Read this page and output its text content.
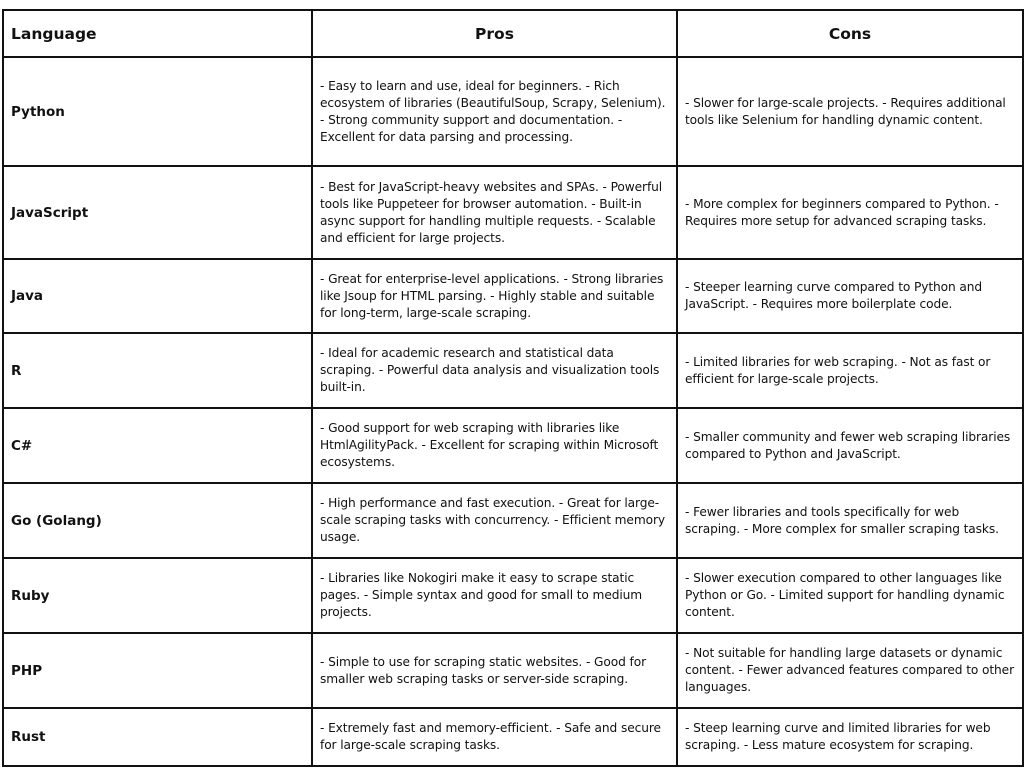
Language	Pros	Cons
Python	- Easy to learn and use, ideal for beginners. - Rich ecosystem of libraries (BeautifulSoup, Scrapy, Selenium). - Strong community support and documentation. - Excellent for data parsing and processing.	- Slower for large-scale projects. - Requires additional tools like Selenium for handling dynamic content.
JavaScript	- Best for JavaScript-heavy websites and SPAs. - Powerful tools like Puppeteer for browser automation. - Built-in async support for handling multiple requests. - Scalable and efficient for large projects.	- More complex for beginners compared to Python. - Requires more setup for advanced scraping tasks.
Java	- Great for enterprise-level applications. - Strong libraries like Jsoup for HTML parsing. - Highly stable and suitable for long-term, large-scale scraping.	- Steeper learning curve compared to Python and JavaScript. - Requires more boilerplate code.
R	- Ideal for academic research and statistical data scraping. - Powerful data analysis and visualization tools built-in.	- Limited libraries for web scraping. - Not as fast or efficient for large-scale projects.
C#	- Good support for web scraping with libraries like HtmlAgilityPack. - Excellent for scraping within Microsoft ecosystems.	- Smaller community and fewer web scraping libraries compared to Python and JavaScript.
Go (Golang)	- High performance and fast execution. - Great for large-scale scraping tasks with concurrency. - Efficient memory usage.	- Fewer libraries and tools specifically for web scraping. - More complex for smaller scraping tasks.
Ruby	- Libraries like Nokogiri make it easy to scrape static pages. - Simple syntax and good for small to medium projects.	- Slower execution compared to other languages like Python or Go. - Limited support for handling dynamic content.
PHP	- Simple to use for scraping static websites. - Good for smaller web scraping tasks or server-side scraping.	- Not suitable for handling large datasets or dynamic content. - Fewer advanced features compared to other languages.
Rust	- Extremely fast and memory-efficient. - Safe and secure for large-scale scraping tasks.	- Steep learning curve and limited libraries for web scraping. - Less mature ecosystem for scraping.
